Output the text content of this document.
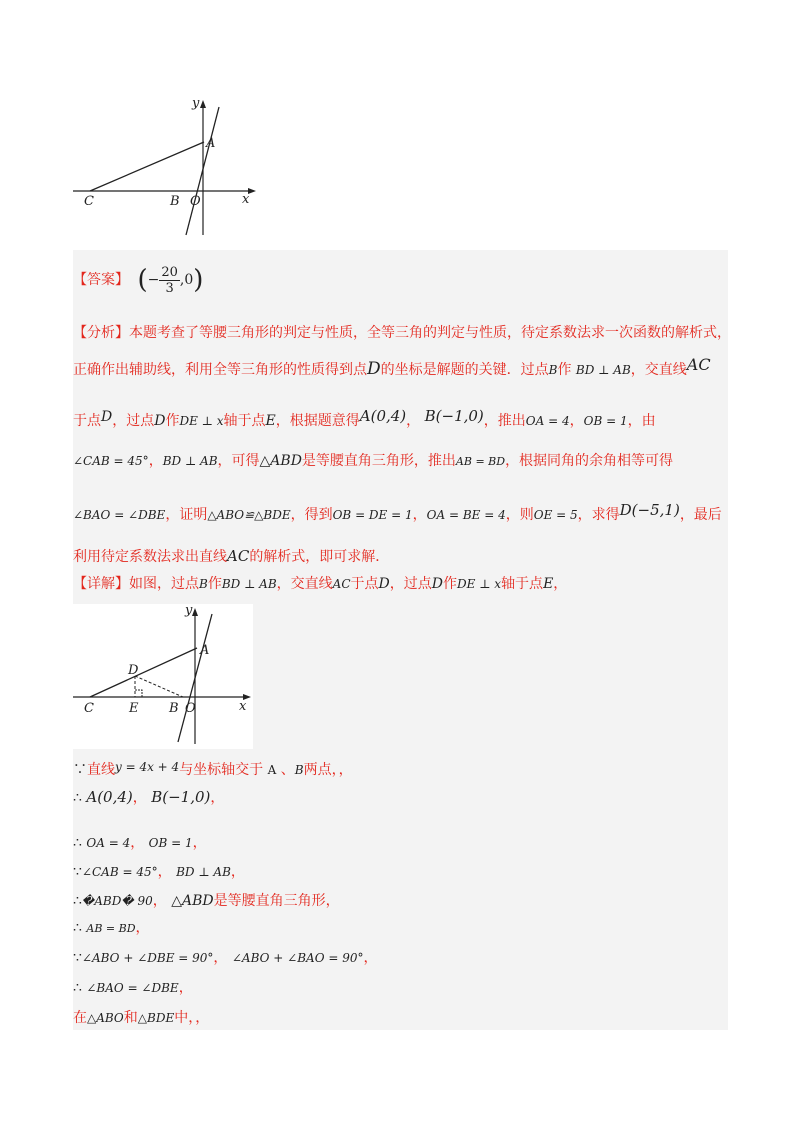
y
x
A
B O
C
【答案】 (− $\frac{20}{3} ,0$)
【分析】本题考查了等腰三角形的判定与性质，全等三角的判定与性质，待定系数法求一次函数的解析式，
正确作出辅助线，利用全等三角形的性质得到点D的坐标是解题的关键．过点B作 BD ⊥ AB，交直线AC
于点D，过点D作DE ⊥ x轴于点E，根据题意得A(0,4)， B(−1,0)，推出OA = 4，OB = 1，由
∠CAB = 45°，BD ⊥ AB，可得△ABD是等腰直角三角形，推出AB = BD，根据同角的余角相等可得
∠BAO = ∠DBE，证明△ABO≌△BDE，得到OB = DE = 1，OA = BE = 4，则OE = 5，求得D(−5,1)，最后
利用待定系数法求出直线AC的解析式，即可求解．
【详解】如图，过点B作BD ⊥ AB，交直线AC于点D，过点D作DE ⊥ x轴于点E，
y
x
A
B O
C
D
E
∵直线y = 4x + 4与坐标轴交于 A 、B两点，，
∴ A(0,4)， B(−1,0)，
∴ OA = 4， OB = 1，
∵∠CAB = 45°， BD ⊥ AB，
∴�ABD� 90， △ABD是等腰直角三角形，
∴ AB = BD，
∵∠ABO + ∠DBE = 90°， ∠ABO + ∠BAO = 90°，
∴ ∠BAO = ∠DBE，
在△ABO和△BDE中，，
